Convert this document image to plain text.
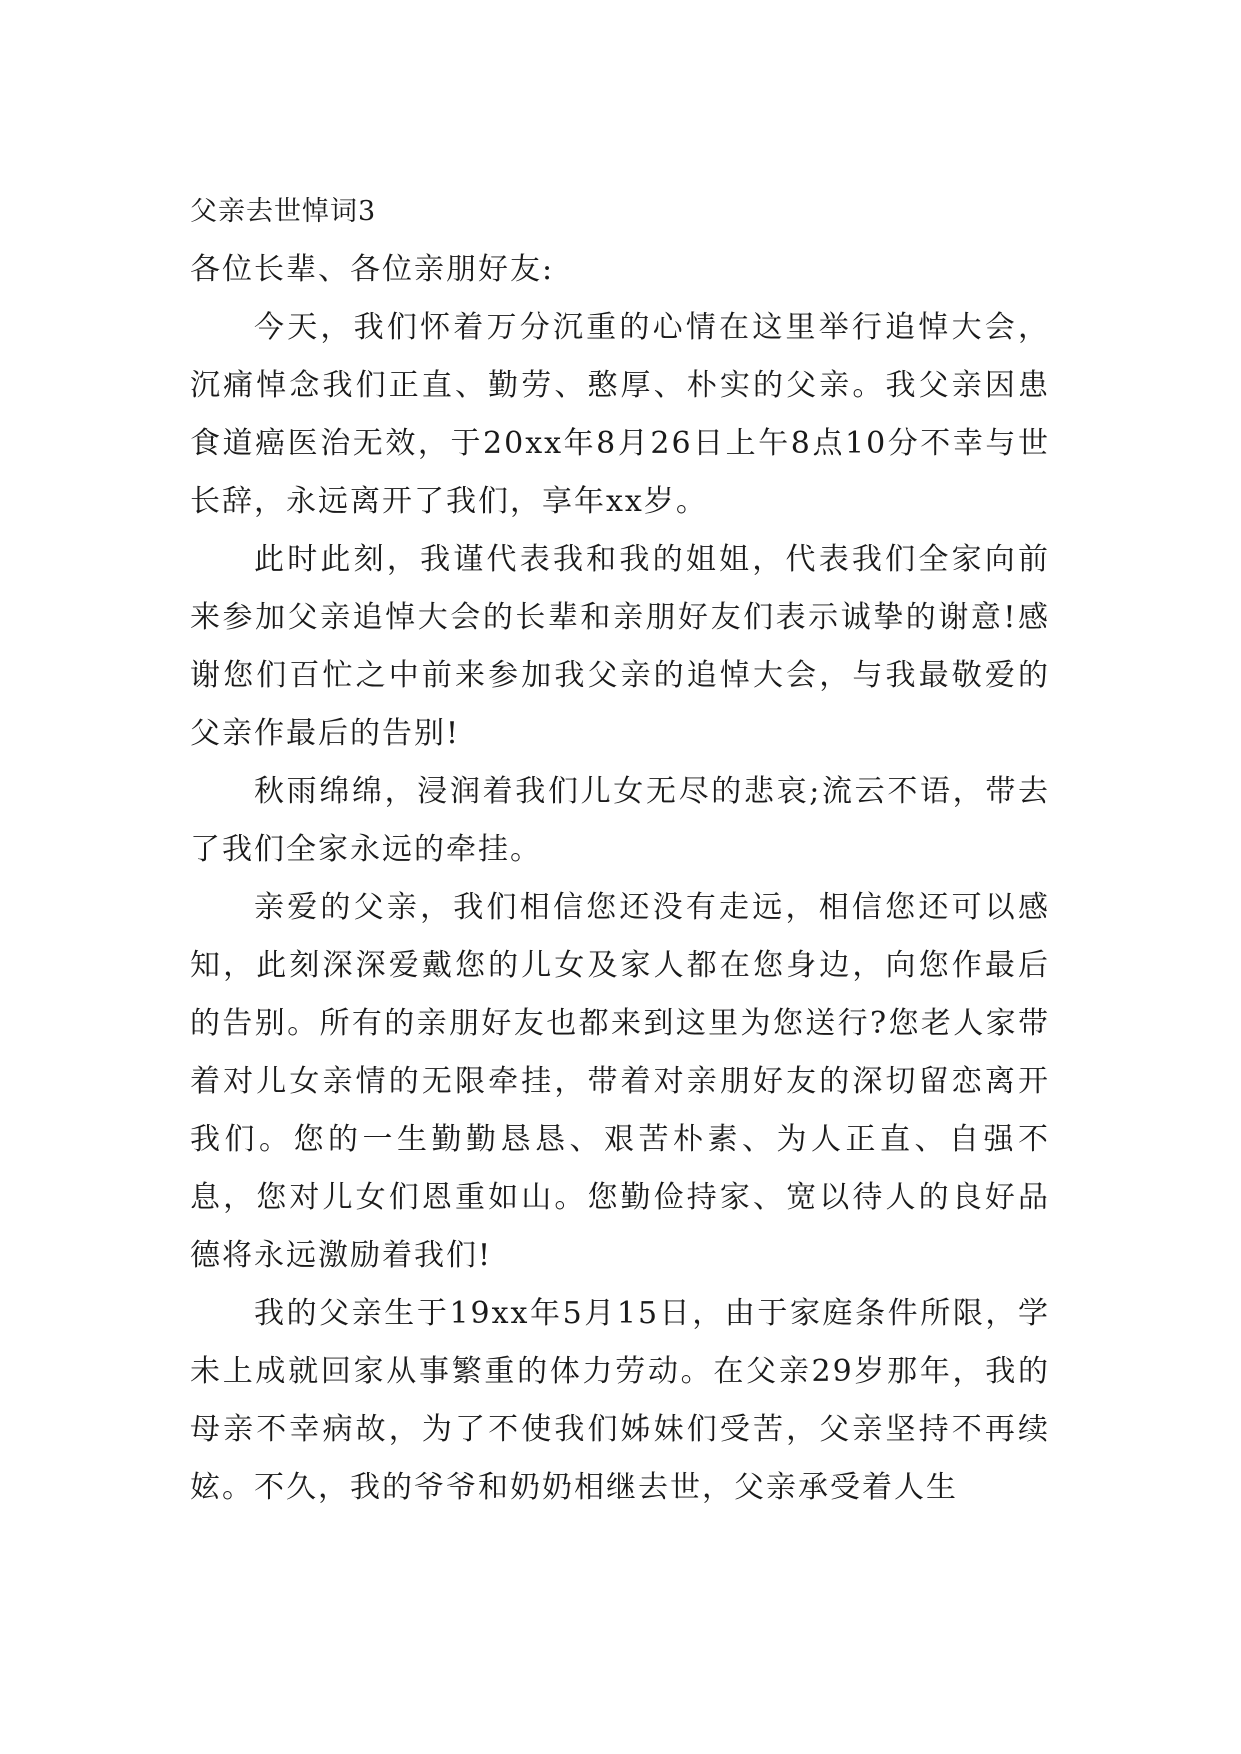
父亲去世悼词3
各位长辈、各位亲朋好友:

今天，我们怀着万分沉重的心情在这里举行追悼大会，沉痛悼念我们正直、勤劳、憨厚、朴实的父亲。我父亲因患食道癌医治无效，于20xx年8月26日上午8点10分不幸与世长辞，永远离开了我们，享年xx岁。

此时此刻，我谨代表我和我的姐姐，代表我们全家向前来参加父亲追悼大会的长辈和亲朋好友们表示诚挚的谢意!感谢您们百忙之中前来参加我父亲的追悼大会，与我最敬爱的父亲作最后的告别!

秋雨绵绵，浸润着我们儿女无尽的悲哀;流云不语，带去了我们全家永远的牵挂。

亲爱的父亲，我们相信您还没有走远，相信您还可以感知，此刻深深爱戴您的儿女及家人都在您身边，向您作最后的告别。所有的亲朋好友也都来到这里为您送行?您老人家带着对儿女亲情的无限牵挂，带着对亲朋好友的深切留恋离开我们。您的一生勤勤恳恳、艰苦朴素、为人正直、自强不息，您对儿女们恩重如山。您勤俭持家、宽以待人的良好品德将永远激励着我们!

我的父亲生于19xx年5月15日，由于家庭条件所限，学未上成就回家从事繁重的体力劳动。在父亲29岁那年，我的母亲不幸病故，为了不使我们姊妹们受苦，父亲坚持不再续妶。不久，我的爷爷和奶奶相继去世，父亲承受着人生
